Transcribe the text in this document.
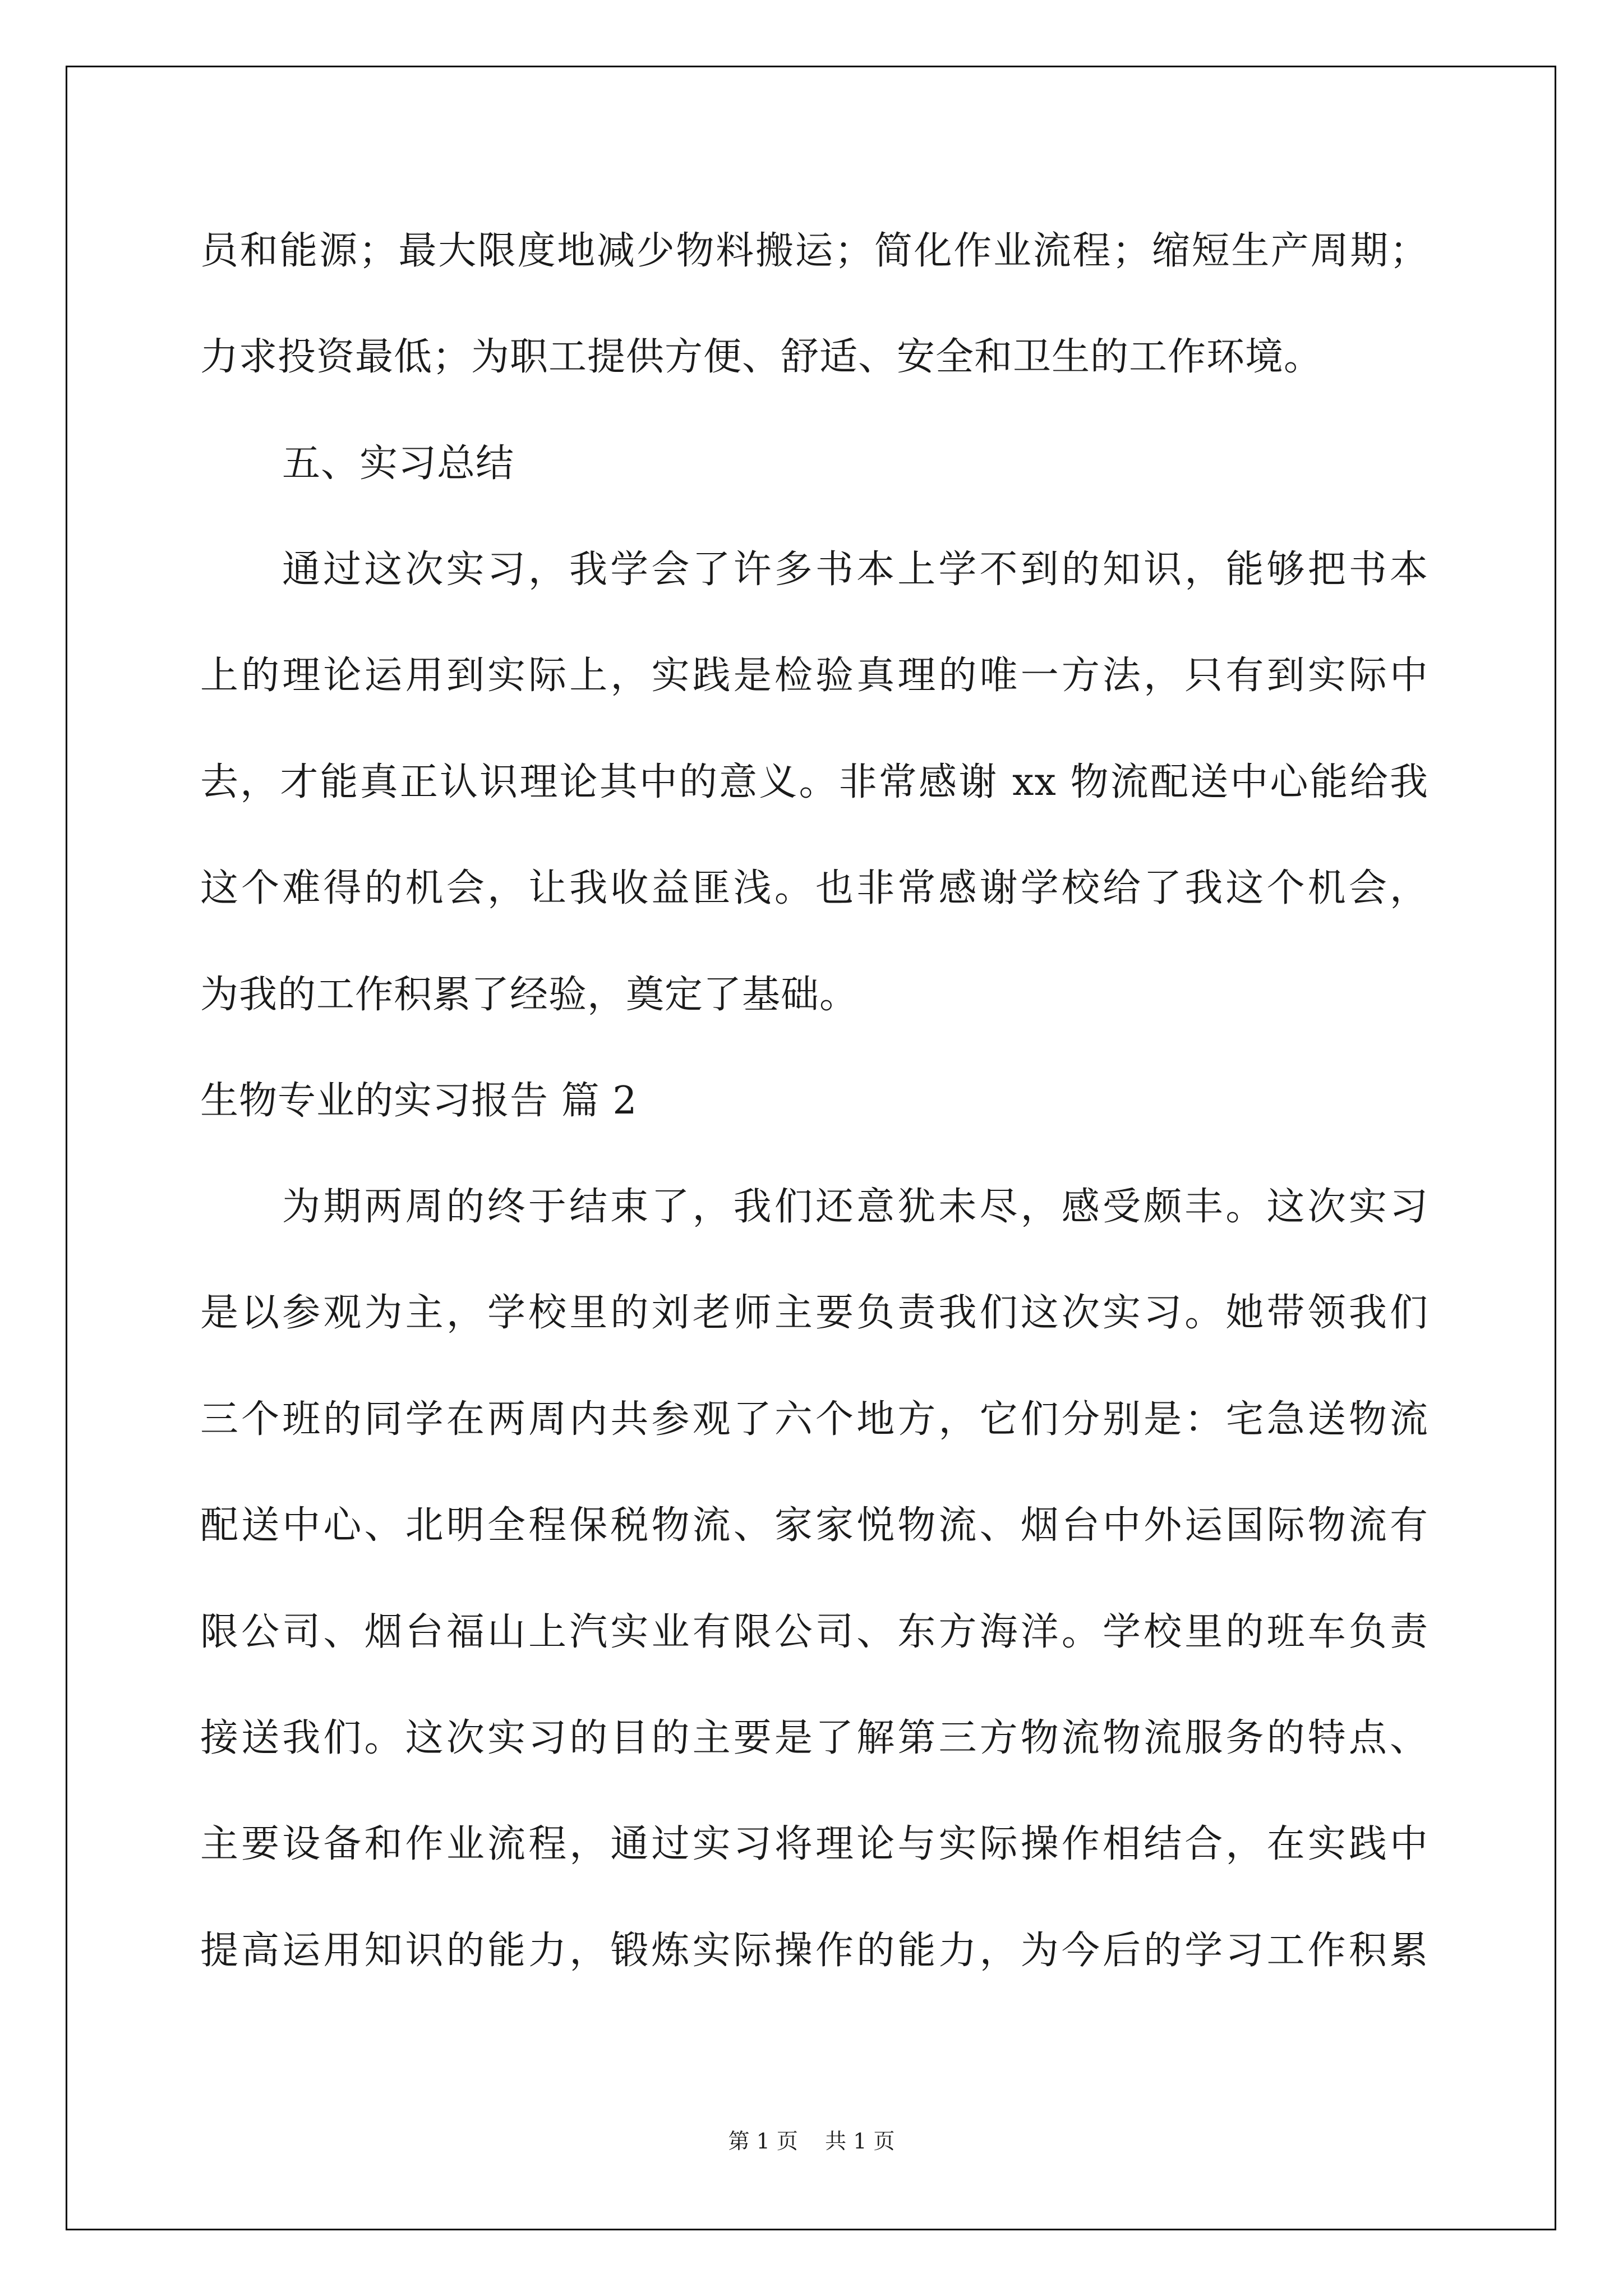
员和能源；最大限度地减少物料搬运；简化作业流程；缩短生产周期；
力求投资最低；为职工提供方便、舒适、安全和卫生的工作环境。
五、实习总结
通过这次实习，我学会了许多书本上学不到的知识，能够把书本
上的理论运用到实际上，实践是检验真理的唯一方法，只有到实际中
去，才能真正认识理论其中的意义。非常感谢 xx 物流配送中心能给我
这个难得的机会，让我收益匪浅。也非常感谢学校给了我这个机会，
为我的工作积累了经验，奠定了基础。
生物专业的实习报告 篇 2
为期两周的终于结束了，我们还意犹未尽，感受颇丰。这次实习
是以参观为主，学校里的刘老师主要负责我们这次实习。她带领我们
三个班的同学在两周内共参观了六个地方，它们分别是：宅急送物流
配送中心、北明全程保税物流、家家悦物流、烟台中外运国际物流有
限公司、烟台福山上汽实业有限公司、东方海洋。学校里的班车负责
接送我们。这次实习的目的主要是了解第三方物流物流服务的特点、
主要设备和作业流程，通过实习将理论与实际操作相结合，在实践中
提高运用知识的能力，锻炼实际操作的能力，为今后的学习工作积累
第 1 页    共 1 页
